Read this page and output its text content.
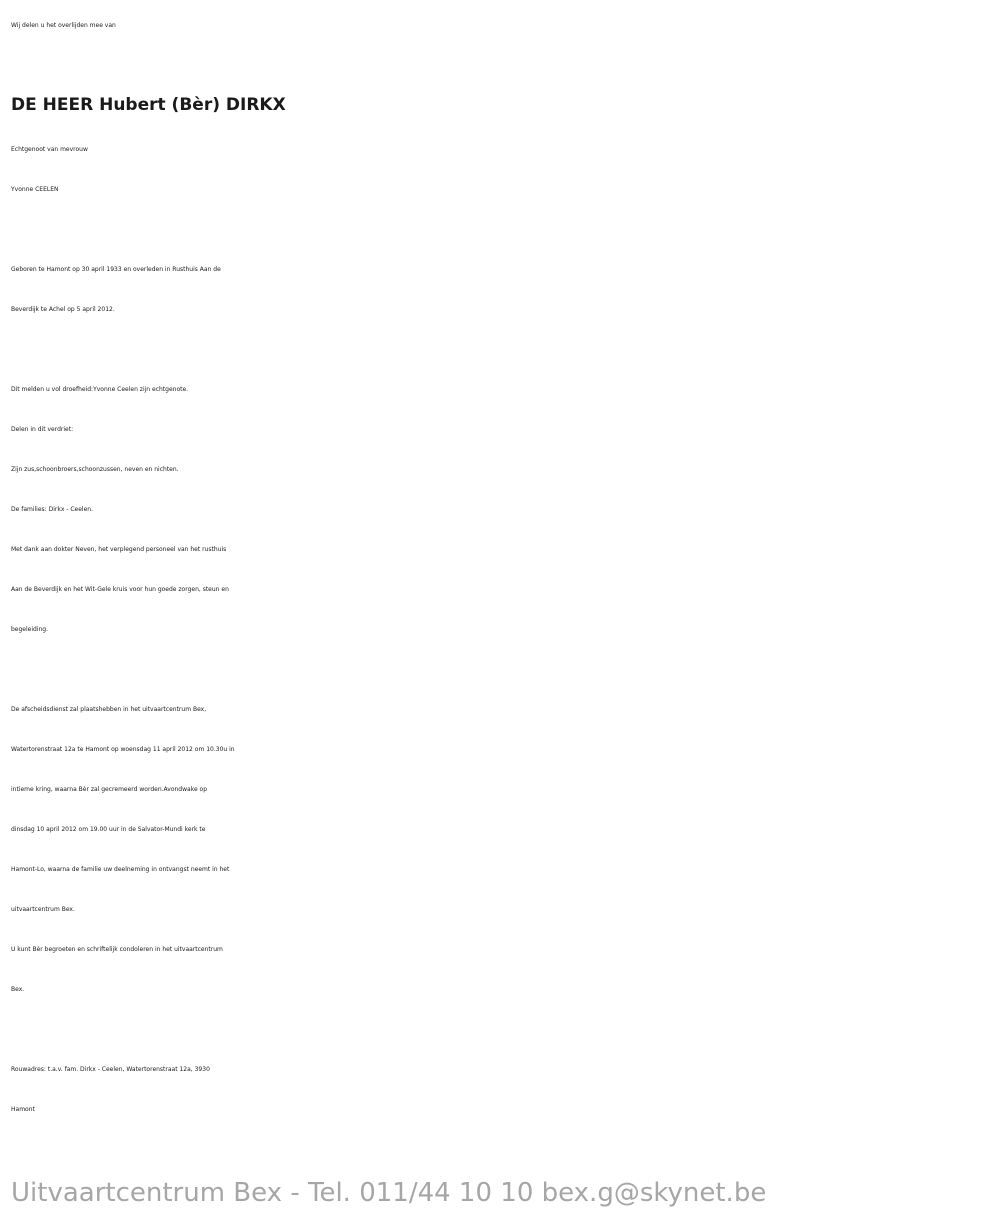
Wij delen u het overlijden mee van
DE HEER Hubert (Bèr) DIRKX
Echtgenoot van mevrouw
Yvonne CEELEN
Geboren te Hamont op 30 april 1933 en overleden in Rusthuis Aan de
Beverdijk te Achel op 5 april 2012.
Dit melden u vol droefheid:Yvonne Ceelen zijn echtgenote.
Delen in dit verdriet:
Zijn zus,schoonbroers,schoonzussen, neven en nichten.
De families: Dirkx - Ceelen.
Met dank aan dokter Neven, het verplegend personeel van het rusthuis
Aan de Beverdijk en het Wit-Gele kruis voor hun goede zorgen, steun en
begeleiding.
De afscheidsdienst zal plaatshebben in het uitvaartcentrum Bex,
Watertorenstraat 12a te Hamont op woensdag 11 april 2012 om 10.30u in
intieme kring, waarna Bèr zal gecremeerd worden.Avondwake op
dinsdag 10 april 2012 om 19.00 uur in de Salvator-Mundi kerk te
Hamont-Lo, waarna de familie uw deelneming in ontvangst neemt in het
uitvaartcentrum Bex.
U kunt Bèr begroeten en schriftelijk condoleren in het uitvaartcentrum
Bex.
Rouwadres: t.a.v. fam. Dirkx - Ceelen, Watertorenstraat 12a, 3930
Hamont
Uitvaartcentrum Bex - Tel. 011/44 10 10 bex.g@skynet.be
